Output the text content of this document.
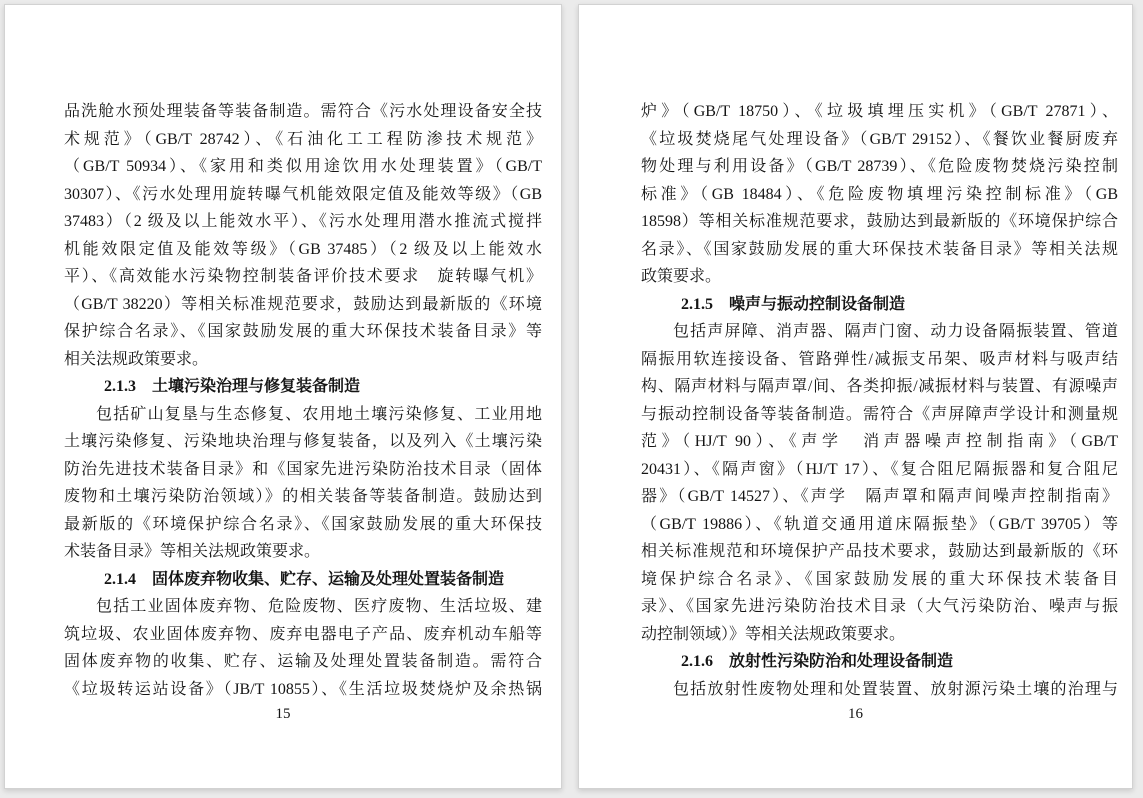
品洗舱水预处理装备等装备制造。需符合《污水处理设备安全技
术规范》（GB/T 28742）、《石油化工工程防渗技术规范》
（GB/T 50934）、《家用和类似用途饮用水处理装置》（GB/T
30307）、《污水处理用旋转曝气机能效限定值及能效等级》（GB
37483）（2 级及以上能效水平）、《污水处理用潜水推流式搅拌
机能效限定值及能效等级》（GB 37485）（2 级及以上能效水
平）、《高效能水污染物控制装备评价技术要求　旋转曝气机》
（GB/T 38220）等相关标准规范要求，鼓励达到最新版的《环境
保护综合名录》、《国家鼓励发展的重大环保技术装备目录》等
相关法规政策要求。
2.1.3　土壤污染治理与修复装备制造
包括矿山复垦与生态修复、农用地土壤污染修复、工业用地
土壤污染修复、污染地块治理与修复装备，以及列入《土壤污染
防治先进技术装备目录》和《国家先进污染防治技术目录（固体
废物和土壤污染防治领域）》的相关装备等装备制造。鼓励达到
最新版的《环境保护综合名录》、《国家鼓励发展的重大环保技
术装备目录》等相关法规政策要求。
2.1.4　固体废弃物收集、贮存、运输及处理处置装备制造
包括工业固体废弃物、危险废物、医疗废物、生活垃圾、建
筑垃圾、农业固体废弃物、废弃电器电子产品、废弃机动车船等
固体废弃物的收集、贮存、运输及处理处置装备制造。需符合
《垃圾转运站设备》（JB/T 10855）、《生活垃圾焚烧炉及余热锅
15
炉》（GB/T 18750）、《垃圾填埋压实机》（GB/T 27871）、
《垃圾焚烧尾气处理设备》（GB/T 29152）、《餐饮业餐厨废弃
物处理与利用设备》（GB/T 28739）、《危险废物焚烧污染控制
标准》（GB 18484）、《危险废物填埋污染控制标准》（GB
18598）等相关标准规范要求，鼓励达到最新版的《环境保护综合
名录》、《国家鼓励发展的重大环保技术装备目录》等相关法规
政策要求。
2.1.5　噪声与振动控制设备制造
包括声屏障、消声器、隔声门窗、动力设备隔振装置、管道
隔振用软连接设备、管路弹性/减振支吊架、吸声材料与吸声结
构、隔声材料与隔声罩/间、各类抑振/减振材料与装置、有源噪声
与振动控制设备等装备制造。需符合《声屏障声学设计和测量规
范》（HJ/T 90）、《声学　消声器噪声控制指南》（GB/T
20431）、《隔声窗》（HJ/T 17）、《复合阻尼隔振器和复合阻尼
器》（GB/T 14527）、《声学　隔声罩和隔声间噪声控制指南》
（GB/T 19886）、《轨道交通用道床隔振垫》（GB/T 39705）等
相关标准规范和环境保护产品技术要求，鼓励达到最新版的《环
境保护综合名录》、《国家鼓励发展的重大环保技术装备目
录》、《国家先进污染防治技术目录（大气污染防治、噪声与振
动控制领域）》等相关法规政策要求。
2.1.6　放射性污染防治和处理设备制造
包括放射性废物处理和处置装置、放射源污染土壤的治理与
16
